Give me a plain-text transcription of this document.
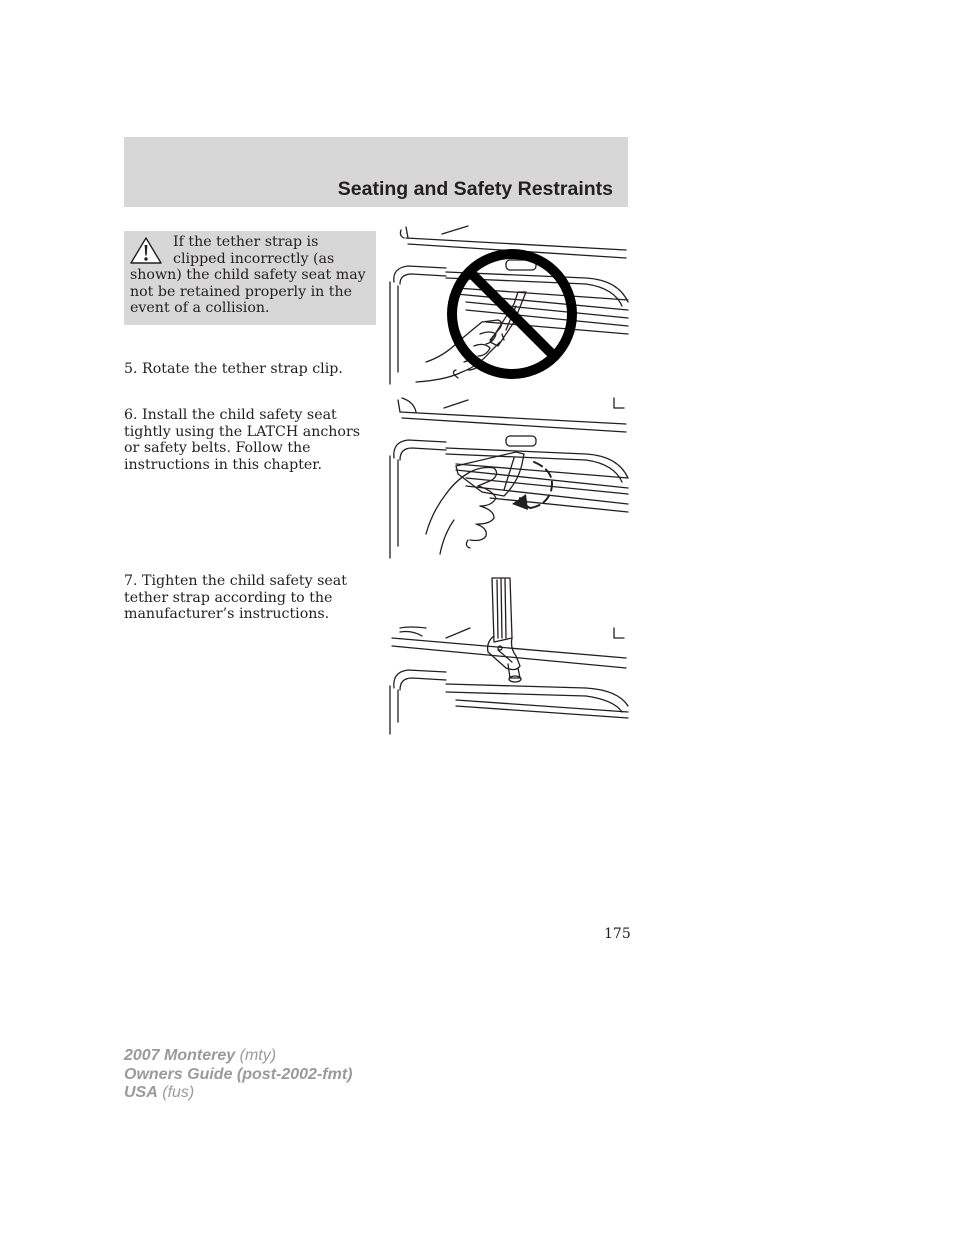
Seating and Safety Restraints
If the tether strap is clipped incorrectly (as shown) the child safety seat may not be retained properly in the event of a collision.
5. Rotate the tether strap clip.
6. Install the child safety seat tightly using the LATCH anchors or safety belts. Follow the instructions in this chapter.
7. Tighten the child safety seat tether strap according to the manufacturer’s instructions.
175
2007 Monterey (mty)
Owners Guide (post-2002-fmt)
USA (fus)
